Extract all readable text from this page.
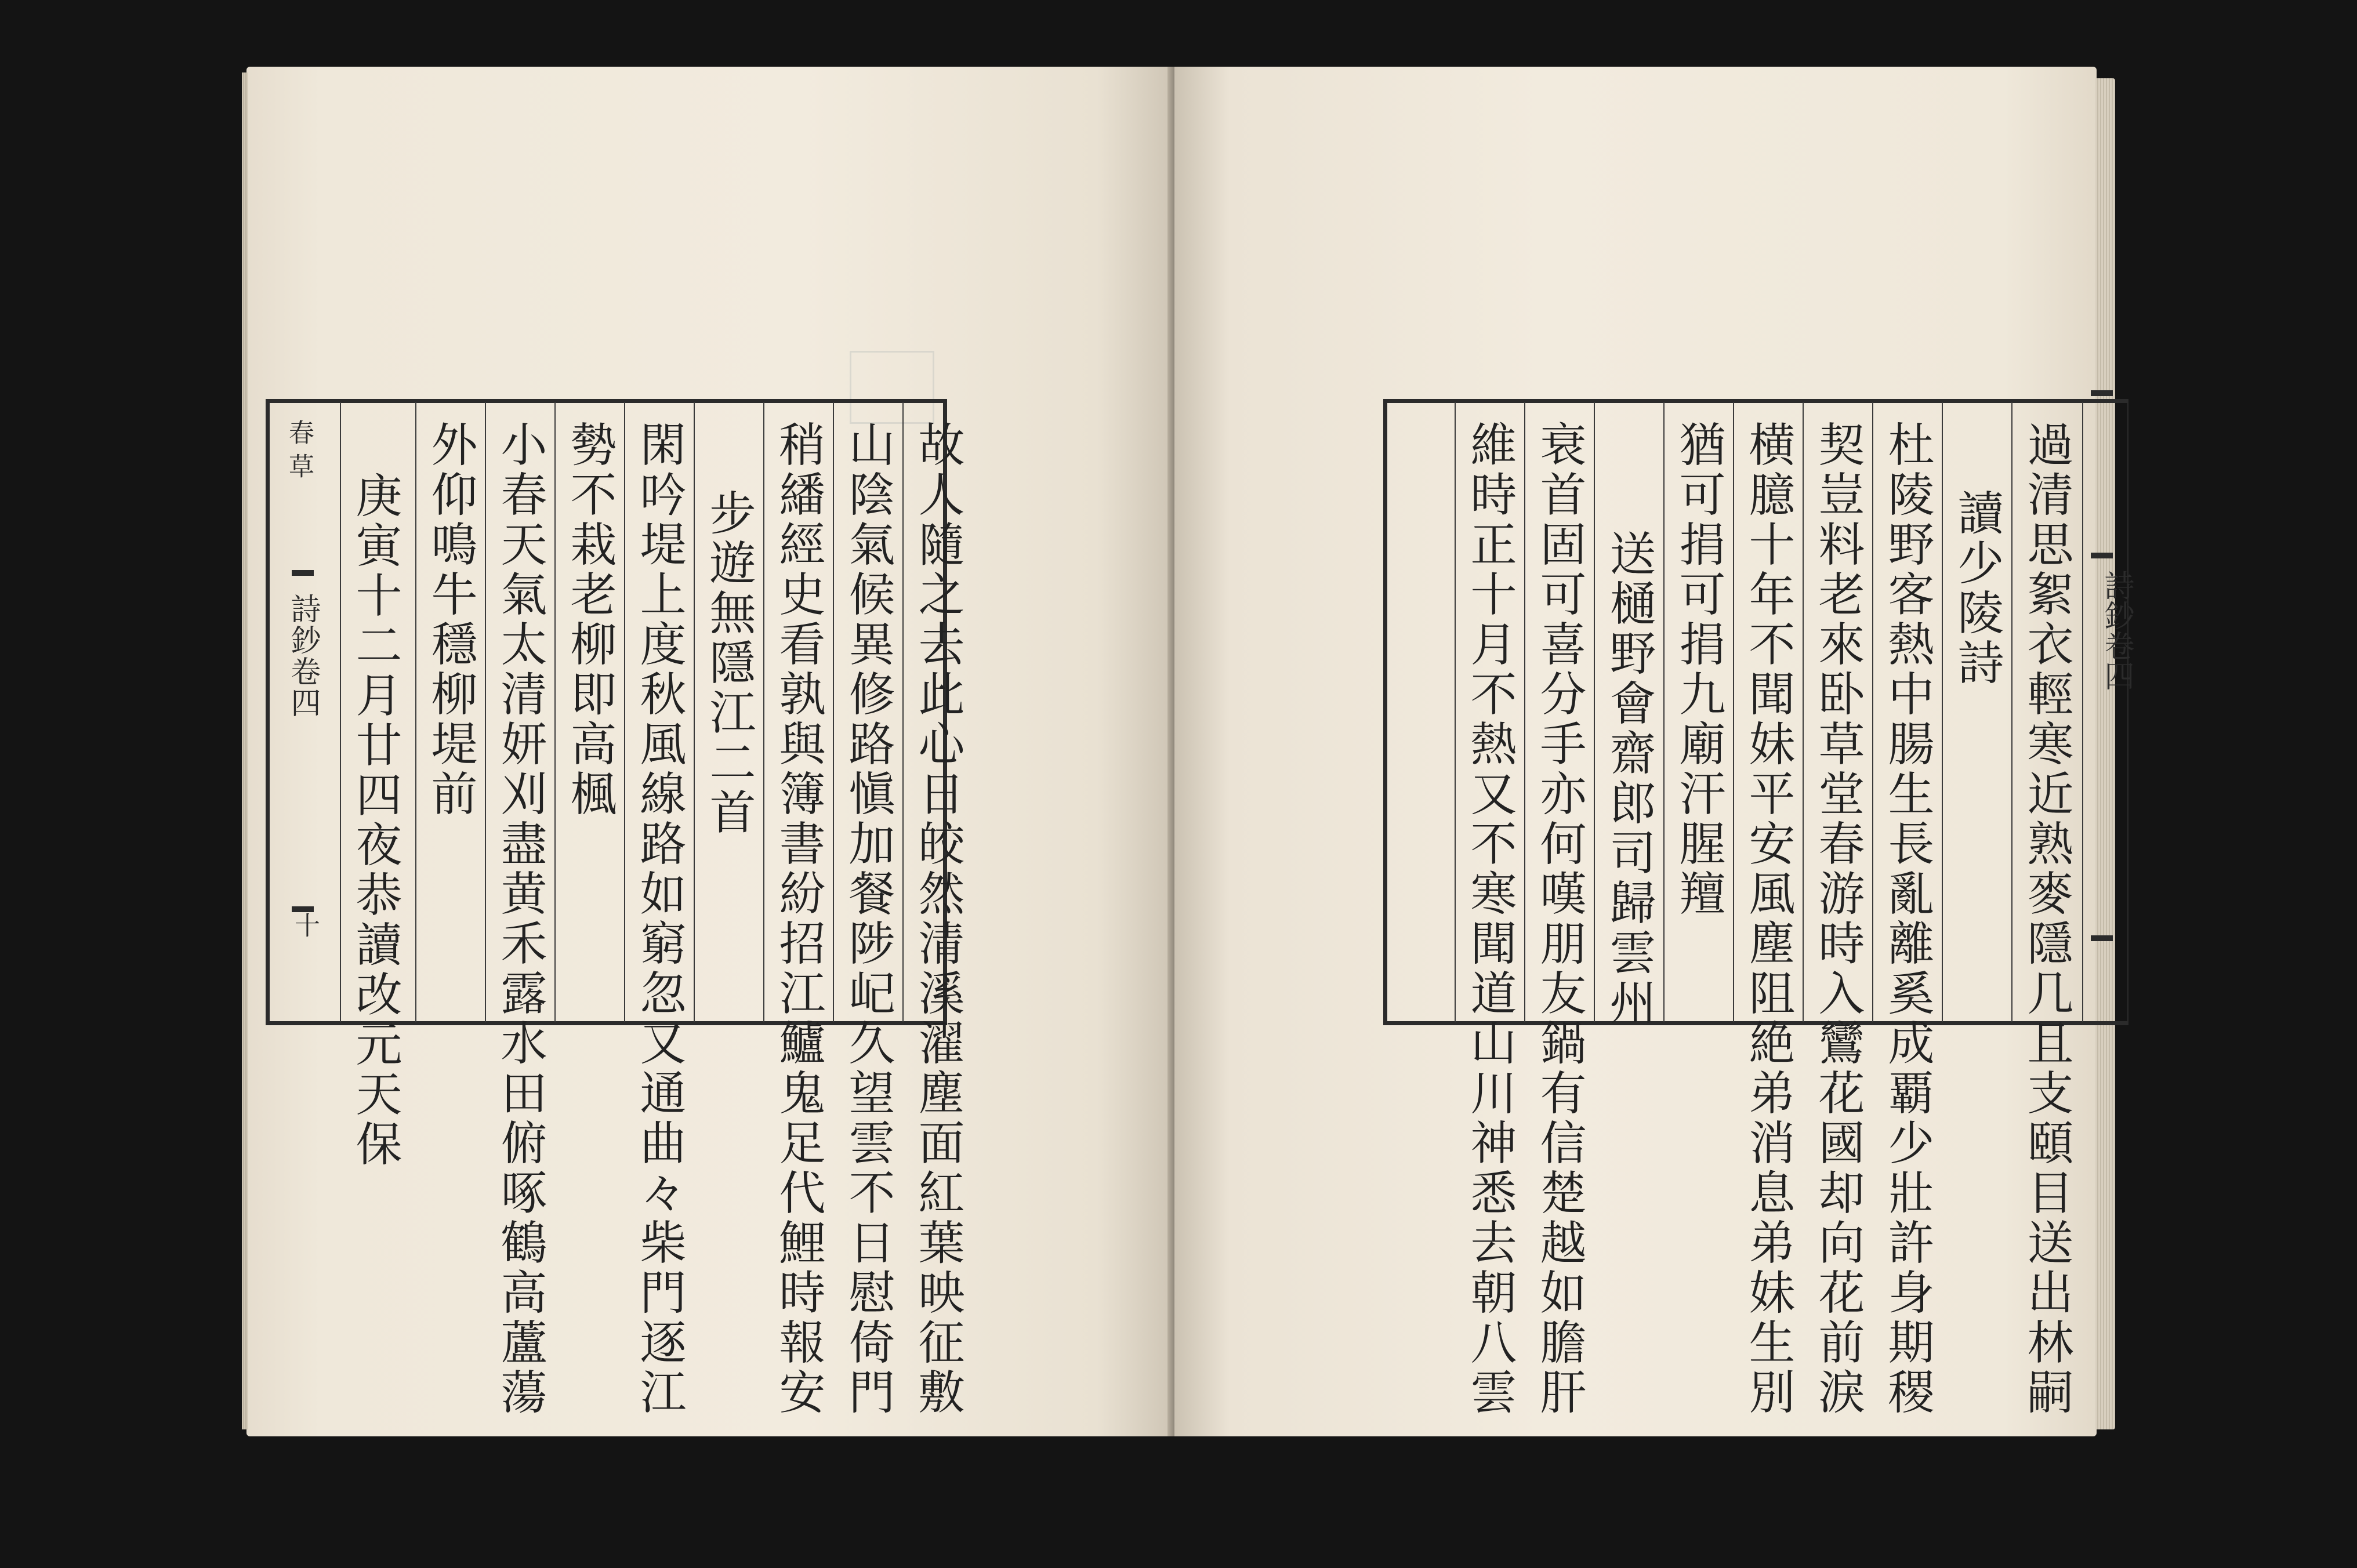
春草
詩鈔卷四
十	故人隨之去此心日皎然清溪濯塵面紅葉映征敷
山陰氣候異修路愼加餐陟屺久望雲不日慰倚門
稍繙經史看孰與簿書紛招江鱸鬼足代鯉時報安
步遊無隱江二首
閑吟堤上度秋風線路如窮忽又通曲々柴門逐江
勢不栽老柳即高楓
小春天氣太清妍刈盡黄禾露水田俯啄鶴高蘆蕩
外仰鳴牛穩柳堤前
庚寅十二月廿四夜恭讀改元天保	過清思絮衣輕寒近熟麥隱几且支頤目送出林嗣
讀少陵詩
杜陵野客熱中腸生長亂離奚成覇少壯許身期稷
契豈料老來卧草堂春游時入鸞花國却向花前淚
横臆十年不聞妹平安風塵阻絶弟消息弟妹生別
猶可捐可捐九廟汗腥羶
送樋野會齋郎司歸雲州
衰首固可喜分手亦何嘆朋友鍋有信楚越如膽肝
維時正十月不熱又不寒聞道山川神悉去朝八雲	詩鈔卷四
